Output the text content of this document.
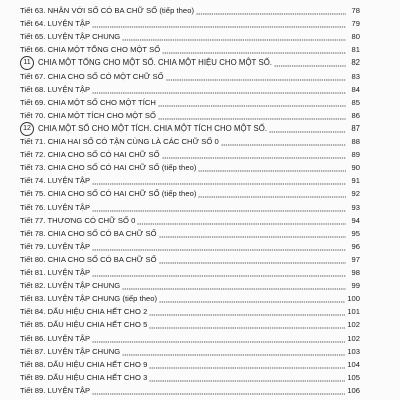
Tiết 63. NHÂN VỚI SỐ CÓ BA CHỮ SỐ (tiếp theo)	78
Tiết 64. LUYỆN TẬP	79
Tiết 65. LUYỆN TẬP CHUNG	80
Tiết 66. CHIA MỘT TỔNG CHO MỘT SỐ	81
11 CHIA MỘT TỔNG CHO MỘT SỐ. CHIA MỘT HIỆU CHO MỘT SỐ.	82
Tiết 67. CHIA CHO SỐ CÓ MỘT CHỮ SỐ	83
Tiết 68. LUYỆN TẬP	84
Tiết 69. CHIA MỘT SỐ CHO MỘT TÍCH	85
Tiết 70. CHIA MỘT TÍCH CHO MỘT SỐ	86
12 CHIA MỘT SỐ CHO MỘT TÍCH. CHIA MỘT TÍCH CHO MỘT SỐ.	87
Tiết 71. CHIA HAI SỐ CÓ TẬN CÙNG LÀ CÁC CHỮ SỐ 0	88
Tiết 72. CHIA CHO SỐ CÓ HAI CHỮ SỐ	89
Tiết 73. CHIA CHO SỐ CÓ HAI CHỮ SỐ (tiếp theo)	90
Tiết 74. LUYỆN TẬP	91
Tiết 75. CHIA CHO SỐ CÓ HAI CHỮ SỐ (tiếp theo)	92
Tiết 76. LUYỆN TẬP	93
Tiết 77. THƯƠNG CÓ CHỮ SỐ 0	94
Tiết 78. CHIA CHO SỐ CÓ BA CHỮ SỐ	95
Tiết 79. LUYỆN TẬP	96
Tiết 80. CHIA CHO SỐ CÓ BA CHỮ SỐ	97
Tiết 81. LUYỆN TẬP	98
Tiết 82. LUYỆN TẬP CHUNG	99
Tiết 83. LUYỆN TẬP CHUNG (tiếp theo)	100
Tiết 84. DẤU HIỆU CHIA HẾT CHO 2	101
Tiết 85. DẤU HIỆU CHIA HẾT CHO 5	102
Tiết 86. LUYỆN TẬP	102
Tiết 87. LUYỆN TẬP CHUNG	103
Tiết 88. DẤU HIỆU CHIA HẾT CHO 9	104
Tiết 89. DẤU HIỆU CHIA HẾT CHO 3	105
Tiết 89. LUYỆN TẬP	106
